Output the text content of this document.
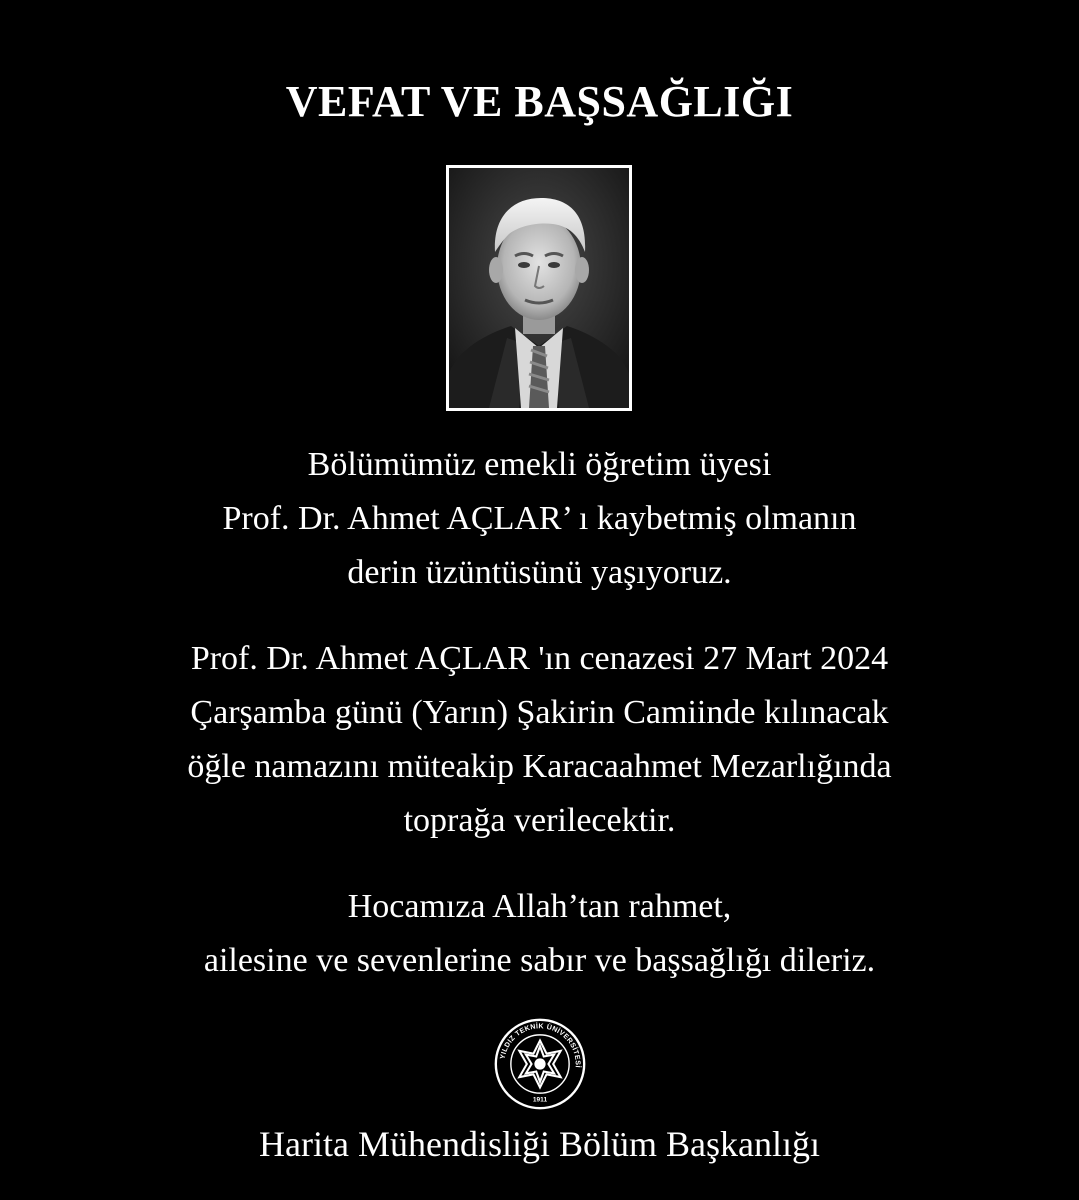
VEFAT VE BAŞSAĞLIĞI
Bölümümüz emekli öğretim üyesi
Prof. Dr. Ahmet AÇLAR’ ı kaybetmiş olmanın
derin üzüntüsünü yaşıyoruz.
Prof. Dr. Ahmet AÇLAR 'ın cenazesi 27 Mart 2024
Çarşamba günü (Yarın) Şakirin Camiinde kılınacak
öğle namazını müteakip Karacaahmet Mezarlığında
toprağa verilecektir.
Hocamıza Allah’tan rahmet,
ailesine ve sevenlerine sabır ve başsağlığı dileriz.
YILDIZ TEKNİK ÜNİVERSİTESİ
1911
Harita Mühendisliği Bölüm Başkanlığı
